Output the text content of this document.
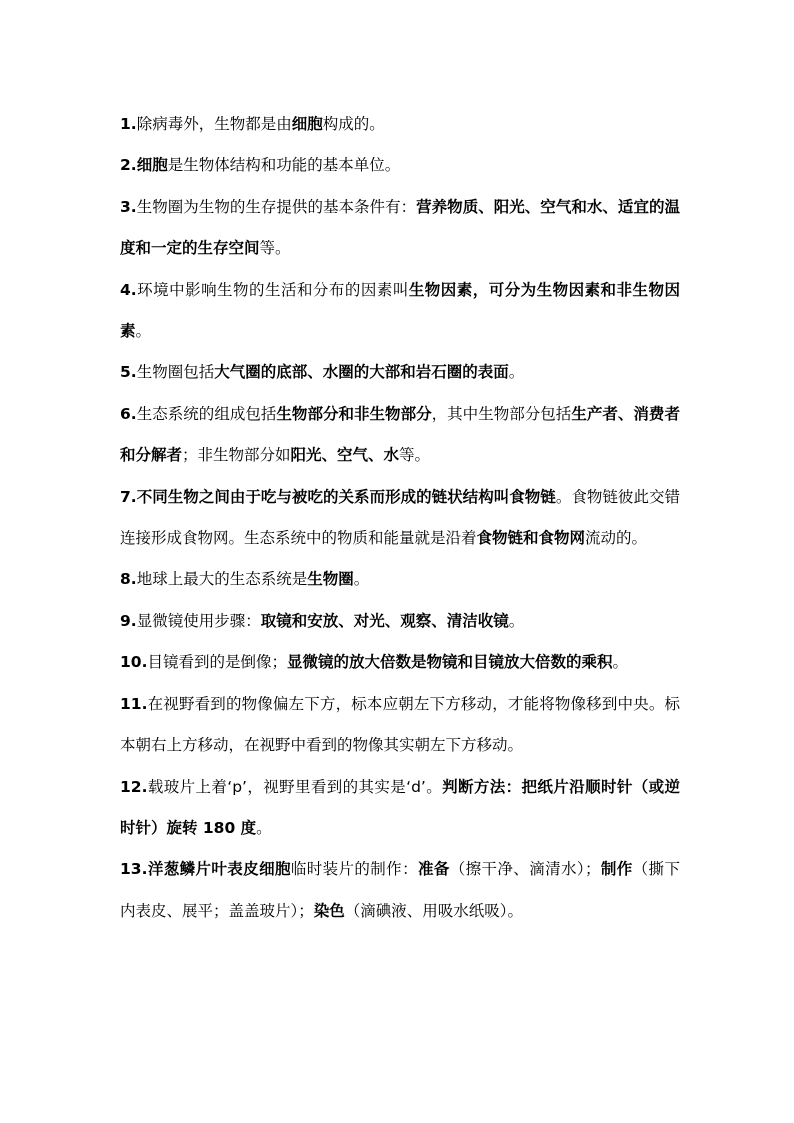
1.除病毒外，生物都是由细胞构成的。

2.细胞是生物体结构和功能的基本单位。

3.生物圈为生物的生存提供的基本条件有：营养物质、阳光、空气和水、适宜的温度和一定的生存空间等。

4.环境中影响生物的生活和分布的因素叫生物因素，可分为生物因素和非生物因素。

5.生物圈包括大气圈的底部、水圈的大部和岩石圈的表面。

6.生态系统的组成包括生物部分和非生物部分，其中生物部分包括生产者、消费者和分解者；非生物部分如阳光、空气、水等。

7.不同生物之间由于吃与被吃的关系而形成的链状结构叫食物链。食物链彼此交错连接形成食物网。生态系统中的物质和能量就是沿着食物链和食物网流动的。

8.地球上最大的生态系统是生物圈。

9.显微镜使用步骤：取镜和安放、对光、观察、清洁收镜。

10.目镜看到的是倒像；显微镜的放大倍数是物镜和目镜放大倍数的乘积。

11.在视野看到的物像偏左下方，标本应朝左下方移动，才能将物像移到中央。标本朝右上方移动，在视野中看到的物像其实朝左下方移动。

12.载玻片上着‘p’，视野里看到的其实是‘d’。判断方法：把纸片沿顺时针（或逆时针）旋转 180 度。

13.洋葱鳞片叶表皮细胞临时装片的制作：准备（擦干净、滴清水）；制作（撕下内表皮、展平；盖盖玻片）；染色（滴碘液、用吸水纸吸）。
